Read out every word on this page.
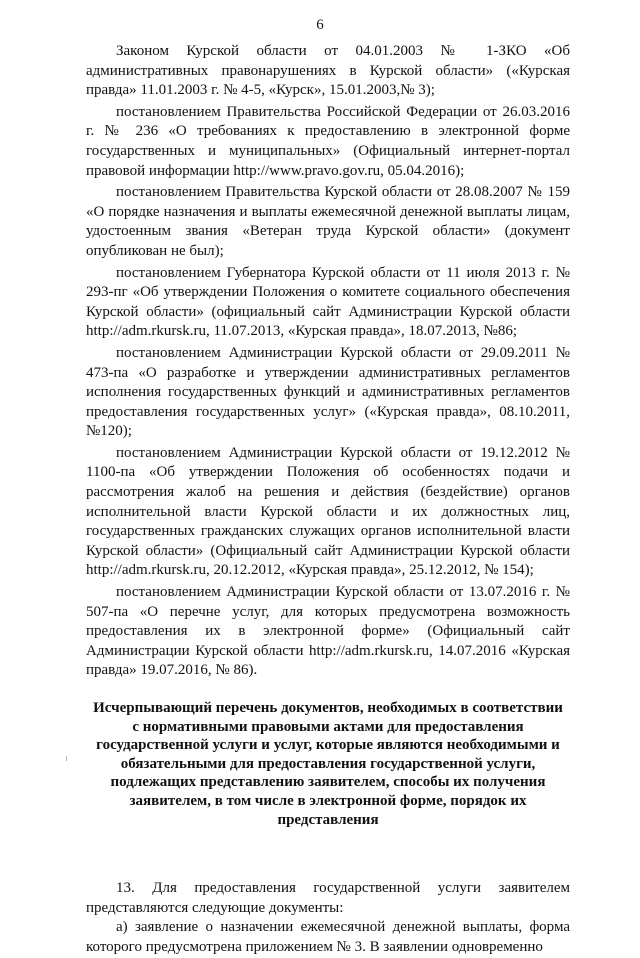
6

Законом Курской области от 04.01.2003 № 1-ЗКО «Об административных правонарушениях в Курской области» («Курская правда» 11.01.2003 г. № 4-5, «Курск», 15.01.2003,№ 3);

постановлением Правительства Российской Федерации от 26.03.2016 г. № 236 «О требованиях к предоставлению в электронной форме государственных и муниципальных» (Официальный интернет-портал правовой информации http://www.pravo.gov.ru, 05.04.2016);

постановлением Правительства Курской области от 28.08.2007 № 159 «О порядке назначения и выплаты ежемесячной денежной выплаты лицам, удостоенным звания «Ветеран труда Курской области» (документ опубликован не был);

постановлением Губернатора Курской области от 11 июля 2013 г. № 293-пг «Об утверждении Положения о комитете социального обеспечения Курской области» (официальный сайт Администрации Курской области http://adm.rkursk.ru, 11.07.2013, «Курская правда», 18.07.2013, №86;

постановлением Администрации Курской области от 29.09.2011 № 473-па «О разработке и утверждении административных регламентов исполнения государственных функций и административных регламентов предоставления государственных услуг» («Курская правда», 08.10.2011, №120);

постановлением Администрации Курской области от 19.12.2012 № 1100-па «Об утверждении Положения об особенностях подачи и рассмотрения жалоб на решения и действия (бездействие) органов исполнительной власти Курской области и их должностных лиц, государственных гражданских служащих органов исполнительной власти Курской области» (Официальный сайт Администрации Курской области http://adm.rkursk.ru, 20.12.2012, «Курская правда», 25.12.2012, № 154);

постановлением Администрации Курской области от 13.07.2016 г. № 507-па «О перечне услуг, для которых предусмотрена возможность предоставления их в электронной форме» (Официальный сайт Администрации Курской области http://adm.rkursk.ru, 14.07.2016 «Курская правда» 19.07.2016, № 86).

Исчерпывающий перечень документов, необходимых в соответствии с нормативными правовыми актами для предоставления государственной услуги и услуг, которые являются необходимыми и обязательными для предоставления государственной услуги, подлежащих представлению заявителем, способы их получения заявителем, в том числе в электронной форме, порядок их представления

13. Для предоставления государственной услуги заявителем представляются следующие документы:

а) заявление о назначении ежемесячной денежной выплаты, форма которого предусмотрена приложением № 3. В заявлении одновременно
